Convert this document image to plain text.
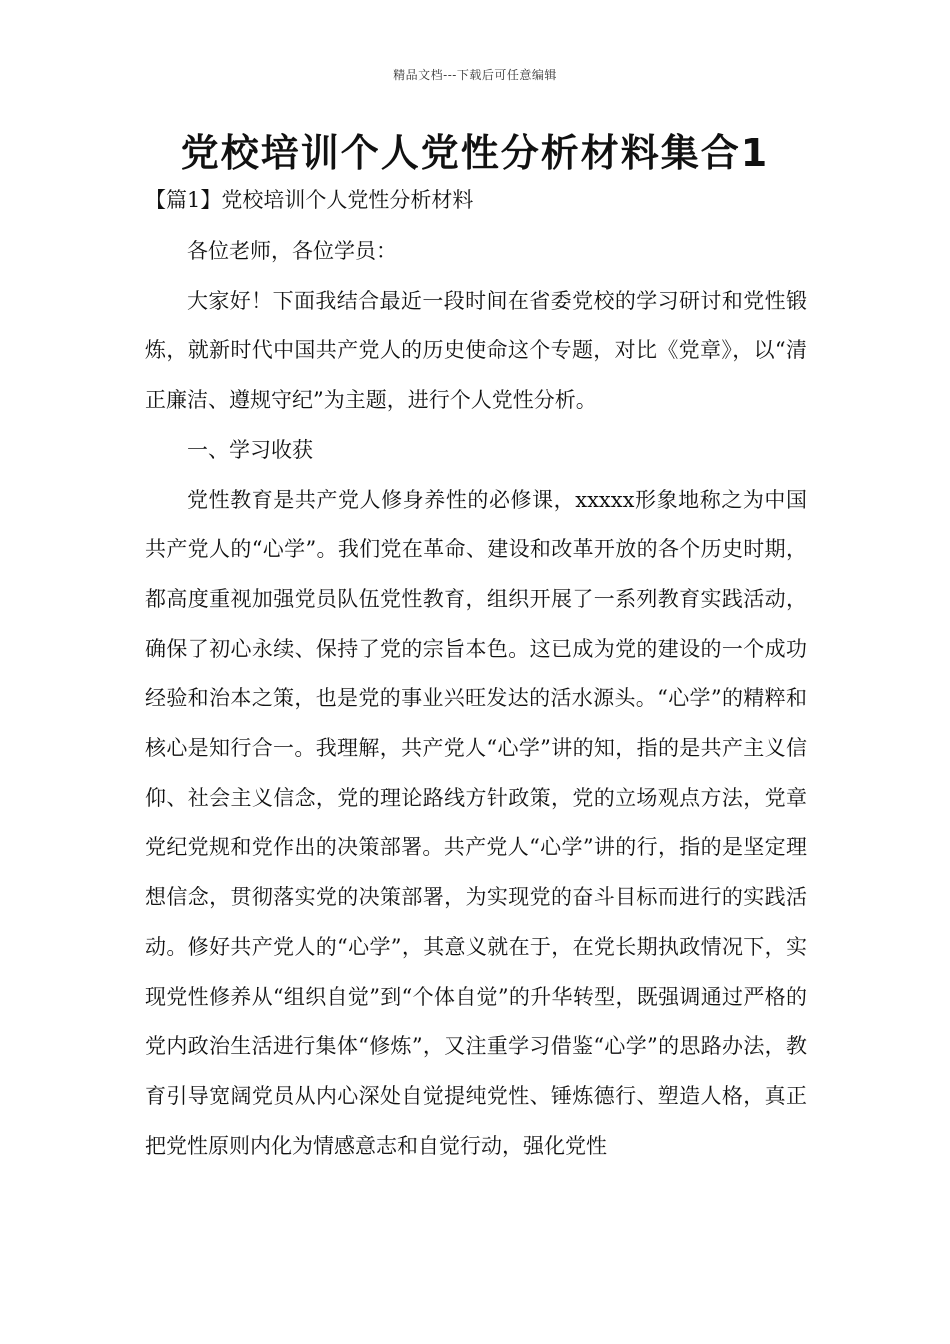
精品文档---下载后可任意编辑
党校培训个人党性分析材料集合1
【篇1】党校培训个人党性分析材料

各位老师，各位学员：

大家好！下面我结合最近一段时间在省委党校的学习研讨和党性锻炼，就新时代中国共产党人的历史使命这个专题，对比《党章》，以“清正廉洁、遵规守纪”为主题，进行个人党性分析。

一、学习收获

党性教育是共产党人修身养性的必修课，xxxxx形象地称之为中国共产党人的“心学”。我们党在革命、建设和改革开放的各个历史时期，都高度重视加强党员队伍党性教育，组织开展了一系列教育实践活动，确保了初心永续、保持了党的宗旨本色。这已成为党的建设的一个成功经验和治本之策，也是党的事业兴旺发达的活水源头。“心学”的精粹和核心是知行合一。我理解，共产党人“心学”讲的知，指的是共产主义信仰、社会主义信念，党的理论路线方针政策，党的立场观点方法，党章党纪党规和党作出的决策部署。共产党人“心学”讲的行，指的是坚定理想信念，贯彻落实党的决策部署，为实现党的奋斗目标而进行的实践活动。修好共产党人的“心学”，其意义就在于，在党长期执政情况下，实现党性修养从“组织自觉”到“个体自觉”的升华转型，既强调通过严格的党内政治生活进行集体“修炼”，又注重学习借鉴“心学”的思路办法，教育引导宽阔党员从内心深处自觉提纯党性、锤炼德行、塑造人格，真正把党性原则内化为情感意志和自觉行动，强化党性
